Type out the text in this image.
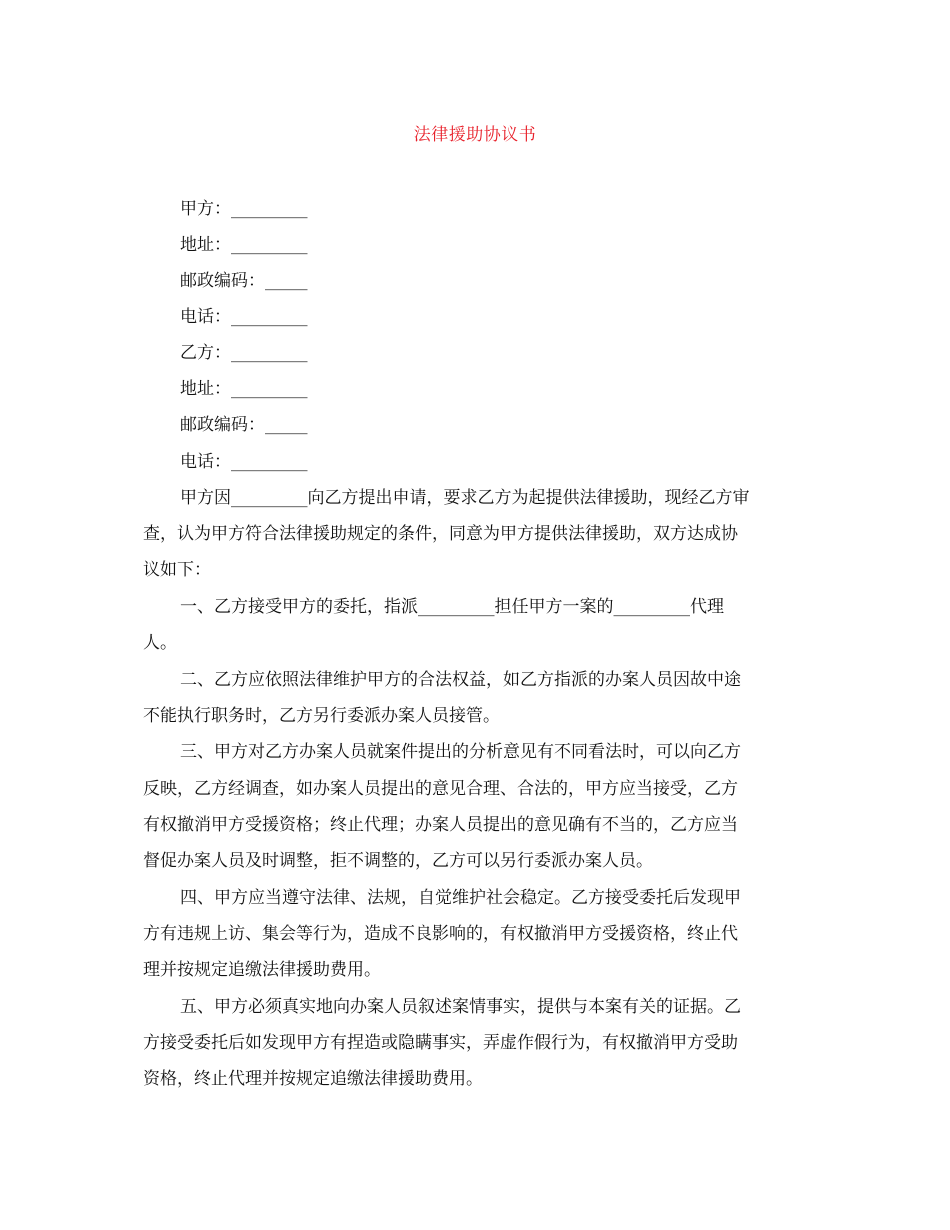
法律援助协议书
甲方：_________
地址：_________
邮政编码：_____
电话：_________
乙方：_________
地址：_________
邮政编码：_____
电话：_________
甲方因_________向乙方提出申请，要求乙方为起提供法律援助，现经乙方审
查，认为甲方符合法律援助规定的条件，同意为甲方提供法律援助，双方达成协
议如下：
一、乙方接受甲方的委托，指派_________担任甲方一案的_________代理
人。
二、乙方应依照法律维护甲方的合法权益，如乙方指派的办案人员因故中途
不能执行职务时，乙方另行委派办案人员接管。
三、甲方对乙方办案人员就案件提出的分析意见有不同看法时，可以向乙方
反映，乙方经调查，如办案人员提出的意见合理、合法的，甲方应当接受，乙方
有权撤消甲方受援资格；终止代理；办案人员提出的意见确有不当的，乙方应当
督促办案人员及时调整，拒不调整的，乙方可以另行委派办案人员。
四、甲方应当遵守法律、法规，自觉维护社会稳定。乙方接受委托后发现甲
方有违规上访、集会等行为，造成不良影响的，有权撤消甲方受援资格，终止代
理并按规定追缴法律援助费用。
五、甲方必须真实地向办案人员叙述案情事实，提供与本案有关的证据。乙
方接受委托后如发现甲方有捏造或隐瞒事实，弄虚作假行为，有权撤消甲方受助
资格，终止代理并按规定追缴法律援助费用。
